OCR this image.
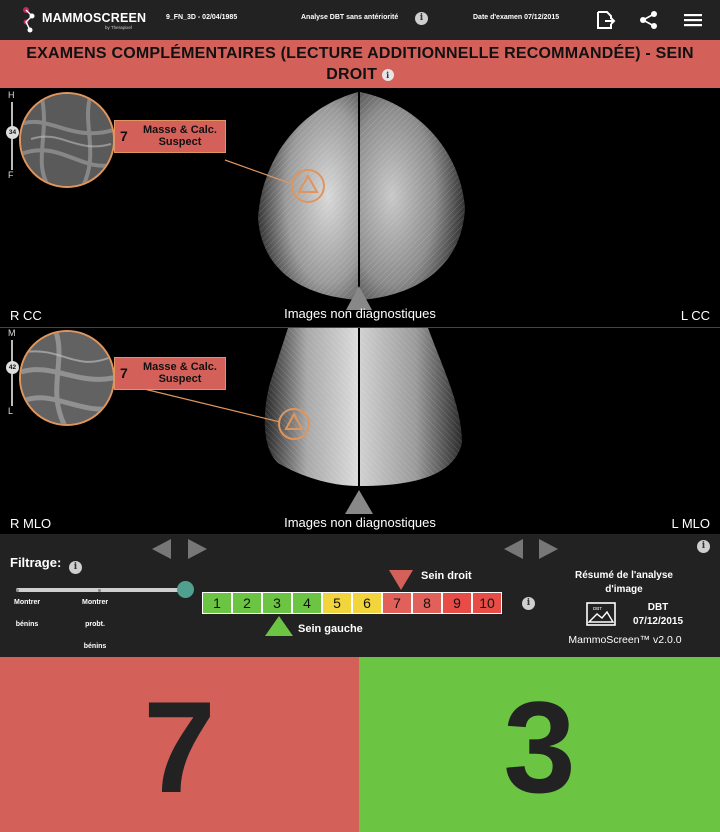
MAMMOSCREEN
by Therapixel
9_FN_3D - 02/04/1985	Analyse DBT sans antériorité	i	Date d'examen 07/12/2015
EXAMENS COMPLÉMENTAIRES (LECTURE ADDITIONNELLE RECOMMANDÉE) - SEIN DROIT i
H
34
F
7	Masse & Calc. Suspect
R CC	L CC
Images non diagnostiques
M
42
L
7	Masse & Calc. Suspect
R MLO	L MLO
Images non diagnostiques
i
Filtrage: i
Montrer
bénins
Montrer
probt.
bénins
Sein droit
1	2	3	4	5	6	7	8	9	10	i
Sein gauche
Résumé de l'analyse d'image
DBT	DBT
07/12/2015
MammoScreen™ v2.0.0
7	3
